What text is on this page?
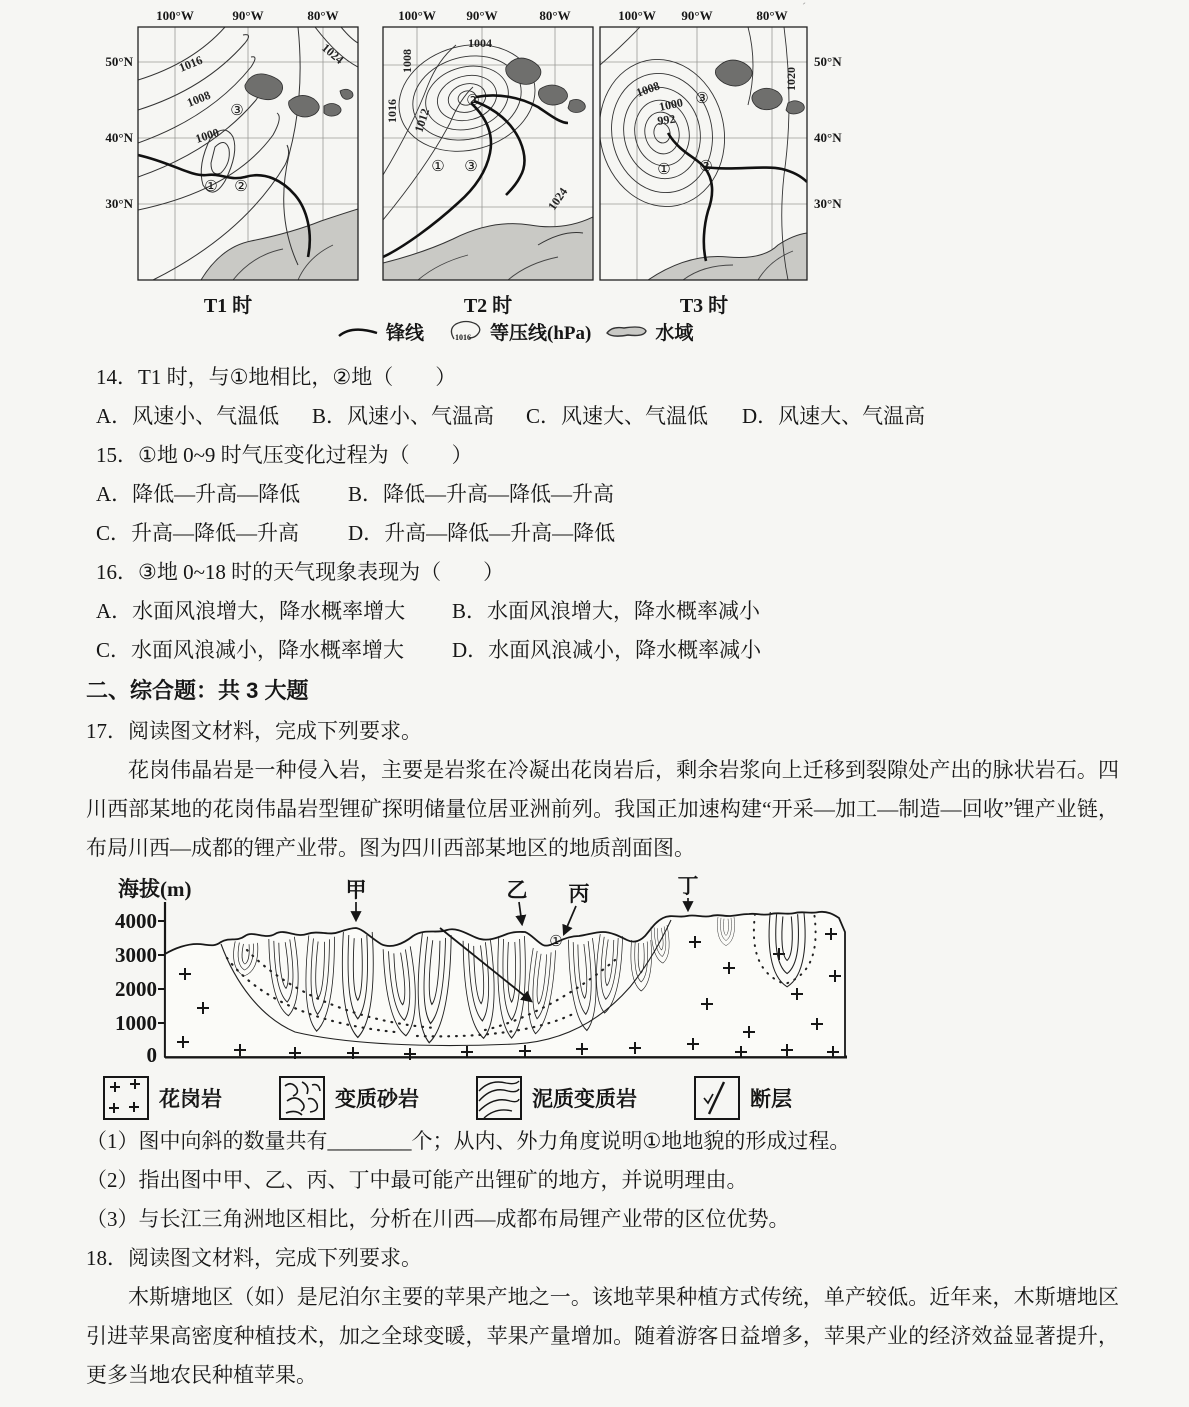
ˊ
100°W	90°W	80°W
50°N
40°N
30°N
1016
1008
1000
1024
③
① ②
T1 时
100°W 90°W	80°W
1004
1008
1016 1012
1024
②
① ③
T2 时
100°W 90°W	80°W
50°N
40°N
30°N
1008
1000
992
1020
③
① ②
T3 时
锋线	1016 等压线(hPa)	水域
14．T1 时，与①地相比，②地（　　）
A．风速小、气温低	B．风速小、气温高	C．风速大、气温低	D．风速大、气温高
15．①地 0~9 时气压变化过程为（　　）
A．降低—升高—降低	B．降低—升高—降低—升高
C．升高—降低—升高	D．升高—降低—升高—降低
16．③地 0~18 时的天气现象表现为（　　）
A．水面风浪增大，降水概率增大	B．水面风浪增大，降水概率减小
C．水面风浪减小，降水概率增大	D．水面风浪减小，降水概率减小
二、综合题：共 3 大题
17．阅读图文材料，完成下列要求。
花岗伟晶岩是一种侵入岩，主要是岩浆在冷凝出花岗岩后，剩余岩浆向上迁移到裂隙处产出的脉状岩石。四川西部某地的花岗伟晶岩型锂矿探明储量位居亚洲前列。我国正加速构建“开采—加工—制造—回收”锂产业链，布局川西—成都的锂产业带。图为四川西部某地区的地质剖面图。
海拔(m)
4000
3000
2000
1000
0
甲	乙 丙	丁
①
花岗岩	变质砂岩	泥质变质岩	断层
（1）图中向斜的数量共有________个；从内、外力角度说明①地地貌的形成过程。
（2）指出图中甲、乙、丙、丁中最可能产出锂矿的地方，并说明理由。
（3）与长江三角洲地区相比，分析在川西—成都布局锂产业带的区位优势。
18．阅读图文材料，完成下列要求。
木斯塘地区（如）是尼泊尔主要的苹果产地之一。该地苹果种植方式传统，单产较低。近年来，木斯塘地区引进苹果高密度种植技术，加之全球变暖，苹果产量增加。随着游客日益增多，苹果产业的经济效益显著提升，更多当地农民种植苹果。
